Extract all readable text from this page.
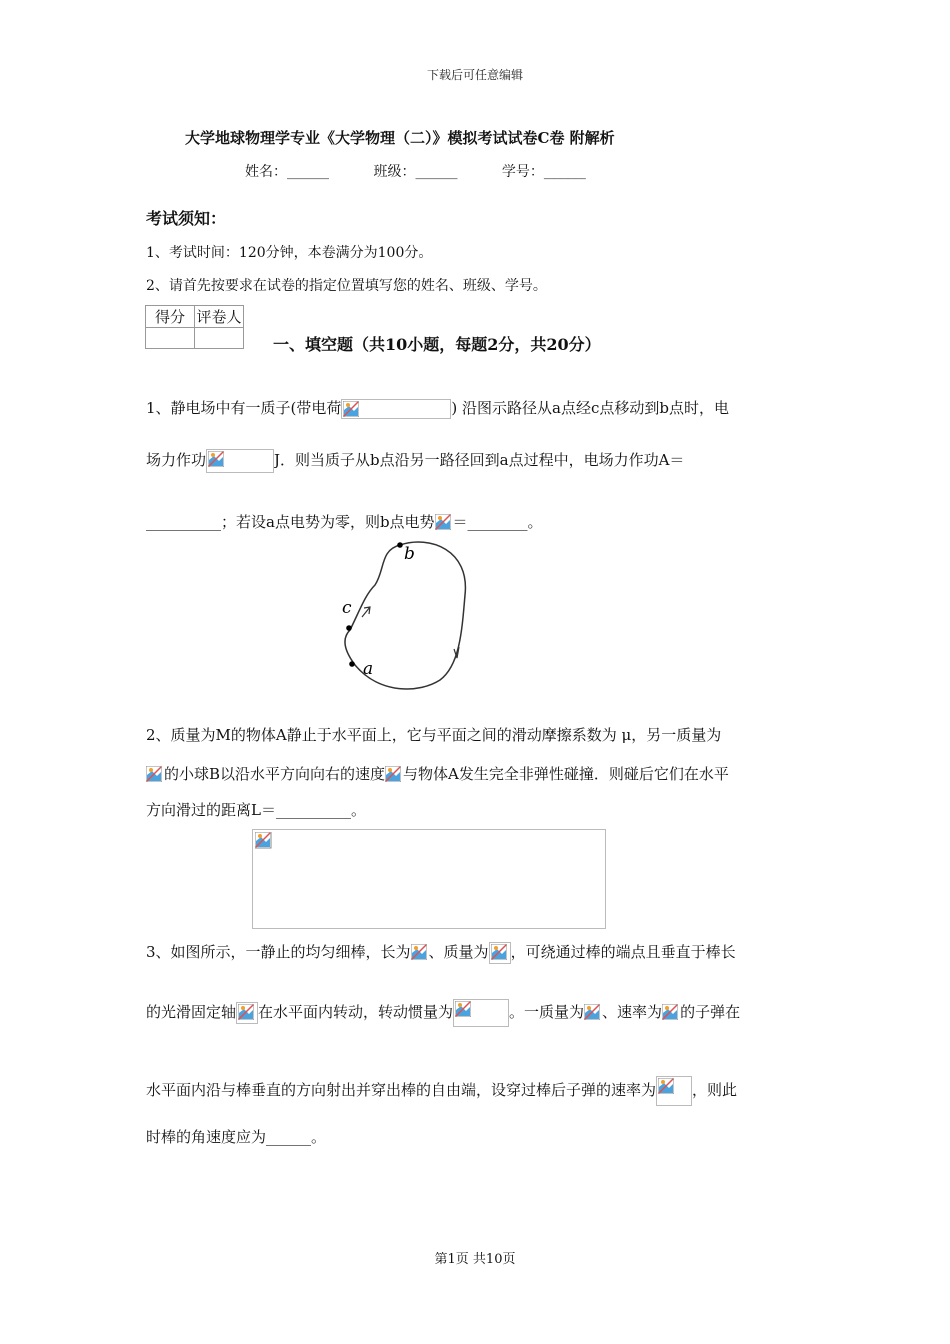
下载后可任意编辑
大学地球物理学专业《大学物理（二）》模拟考试试卷C卷 附解析
姓名：______	班级：______	学号：______
考试须知：
1、考试时间：120分钟，本卷满分为100分。
2、请首先按要求在试卷的指定位置填写您的姓名、班级、学号。
得分	评卷人

一、填空题（共10小题，每题2分，共20分）
1、静电场中有一质子(带电荷	) 沿图示路径从a点经c点移动到b点时，电
场力作功	J．则当质子从b点沿另一路径回到a点过程中，电场力作功A＝
__________；若设a点电势为零，则b点电势 ＝________。
b
c
a
2、质量为M的物体A静止于水平面上，它与平面之间的滑动摩擦系数为 μ，另一质量为
的小球B以沿水平方向向右的速度 与物体A发生完全非弹性碰撞．则碰后它们在水平
方向滑过的距离L＝__________。
3、如图所示，一静止的均匀细棒，长为 、质量为 ，可绕通过棒的端点且垂直于棒长
的光滑固定轴 在水平面内转动，转动惯量为	。一质量为 、速率为 的子弹在
水平面内沿与棒垂直的方向射出并穿出棒的自由端，设穿过棒后子弹的速率为 ，则此
时棒的角速度应为______。
第1页 共10页
